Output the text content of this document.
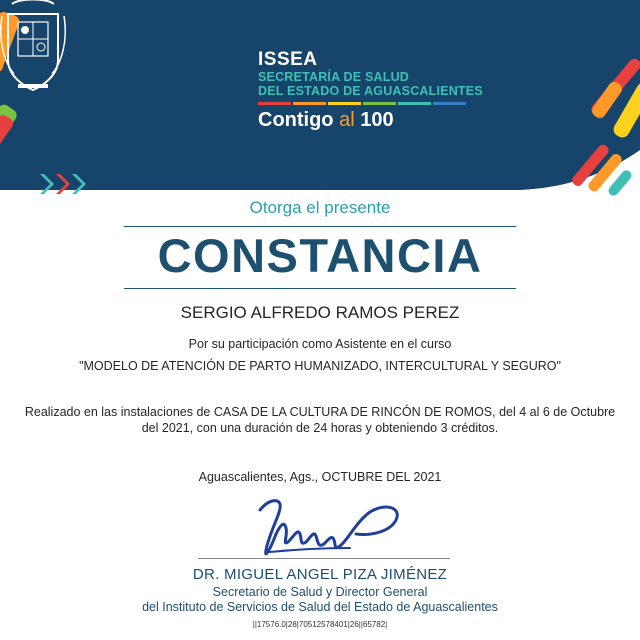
ISSEA
SECRETARÍA DE SALUD
DEL ESTADO DE AGUASCALIENTES
Contigo al 100
Otorga el presente
CONSTANCIA
SERGIO ALFREDO RAMOS PEREZ
Por su participación como Asistente en el curso
"MODELO DE ATENCIÓN DE PARTO HUMANIZADO, INTERCULTURAL Y SEGURO"
Realizado en las instalaciones de CASA DE LA CULTURA DE RINCÓN DE ROMOS, del 4 al 6 de Octubre
del 2021, con una duración de 24 horas y obteniendo 3 créditos.
Aguascalientes, Ags., OCTUBRE DEL 2021
DR. MIGUEL ANGEL PIZA JIMÉNEZ
Secretario de Salud y Director General
del Instituto de Servicios de Salud del Estado de Aguascalientes
||17576.0|28|70512578401|26||65782|
